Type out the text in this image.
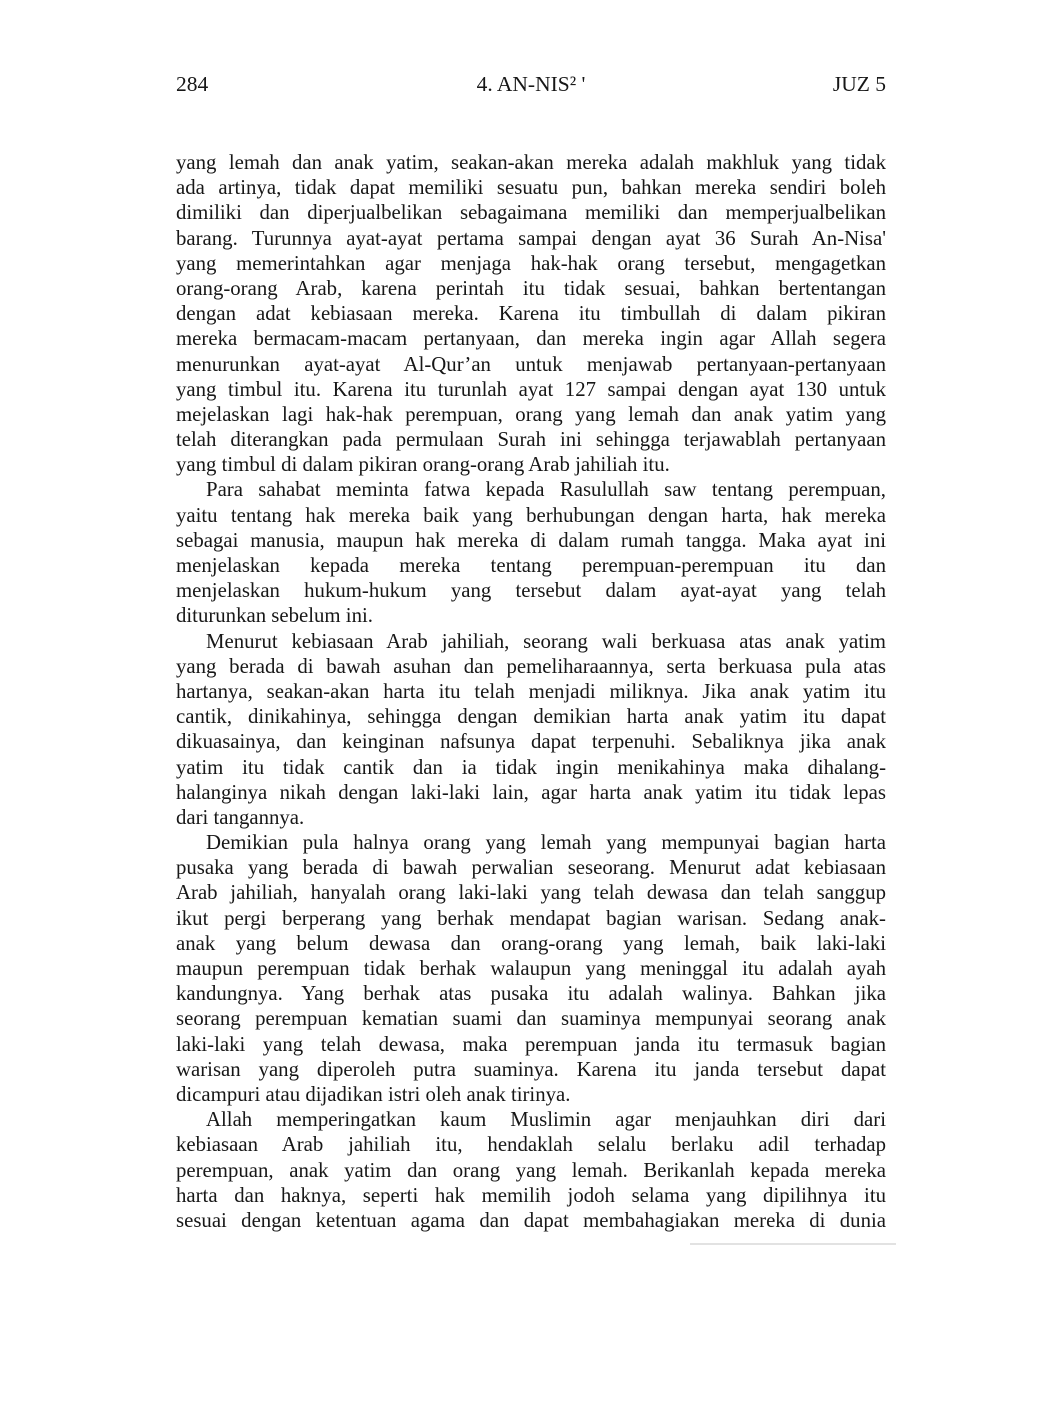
284	4. AN-NIS² '	JUZ 5
yang lemah dan anak yatim, seakan-akan mereka adalah makhluk yang tidak
ada artinya, tidak dapat memiliki sesuatu pun, bahkan mereka sendiri boleh
dimiliki dan diperjualbelikan sebagaimana memiliki dan memperjualbelikan
barang. Turunnya ayat-ayat pertama sampai dengan ayat 36 Surah An-Nisa'
yang memerintahkan agar menjaga hak-hak orang tersebut, mengagetkan
orang-orang Arab, karena perintah itu tidak sesuai, bahkan bertentangan
dengan adat kebiasaan mereka. Karena itu timbullah di dalam pikiran
mereka bermacam-macam pertanyaan, dan mereka ingin agar Allah segera
menurunkan ayat-ayat Al-Qur’an untuk menjawab pertanyaan-pertanyaan
yang timbul itu. Karena itu turunlah ayat 127 sampai dengan ayat 130 untuk
mejelaskan lagi hak-hak perempuan, orang yang lemah dan anak yatim yang
telah diterangkan pada permulaan Surah ini sehingga terjawablah pertanyaan
yang timbul di dalam pikiran orang-orang Arab jahiliah itu.
Para sahabat meminta fatwa kepada Rasulullah saw tentang perempuan,
yaitu tentang hak mereka baik yang berhubungan dengan harta, hak mereka
sebagai manusia, maupun hak mereka di dalam rumah tangga. Maka ayat ini
menjelaskan kepada mereka tentang perempuan-perempuan itu dan
menjelaskan hukum-hukum yang tersebut dalam ayat-ayat yang telah
diturunkan sebelum ini.
Menurut kebiasaan Arab jahiliah, seorang wali berkuasa atas anak yatim
yang berada di bawah asuhan dan pemeliharaannya, serta berkuasa pula atas
hartanya, seakan-akan harta itu telah menjadi miliknya. Jika anak yatim itu
cantik, dinikahinya, sehingga dengan demikian harta anak yatim itu dapat
dikuasainya, dan keinginan nafsunya dapat terpenuhi. Sebaliknya jika anak
yatim itu tidak cantik dan ia tidak ingin menikahinya maka dihalang-
halanginya nikah dengan laki-laki lain, agar harta anak yatim itu tidak lepas
dari tangannya.
Demikian pula halnya orang yang lemah yang mempunyai bagian harta
pusaka yang berada di bawah perwalian seseorang. Menurut adat kebiasaan
Arab jahiliah, hanyalah orang laki-laki yang telah dewasa dan telah sanggup
ikut pergi berperang yang berhak mendapat bagian warisan. Sedang anak-
anak yang belum dewasa dan orang-orang yang lemah, baik laki-laki
maupun perempuan tidak berhak walaupun yang meninggal itu adalah ayah
kandungnya. Yang berhak atas pusaka itu adalah walinya. Bahkan jika
seorang perempuan kematian suami dan suaminya mempunyai seorang anak
laki-laki yang telah dewasa, maka perempuan janda itu termasuk bagian
warisan yang diperoleh putra suaminya. Karena itu janda tersebut dapat
dicampuri atau dijadikan istri oleh anak tirinya.
Allah memperingatkan kaum Muslimin agar menjauhkan diri dari
kebiasaan Arab jahiliah itu, hendaklah selalu berlaku adil terhadap
perempuan, anak yatim dan orang yang lemah. Berikanlah kepada mereka
harta dan haknya, seperti hak memilih jodoh selama yang dipilihnya itu
sesuai dengan ketentuan agama dan dapat membahagiakan mereka di dunia
